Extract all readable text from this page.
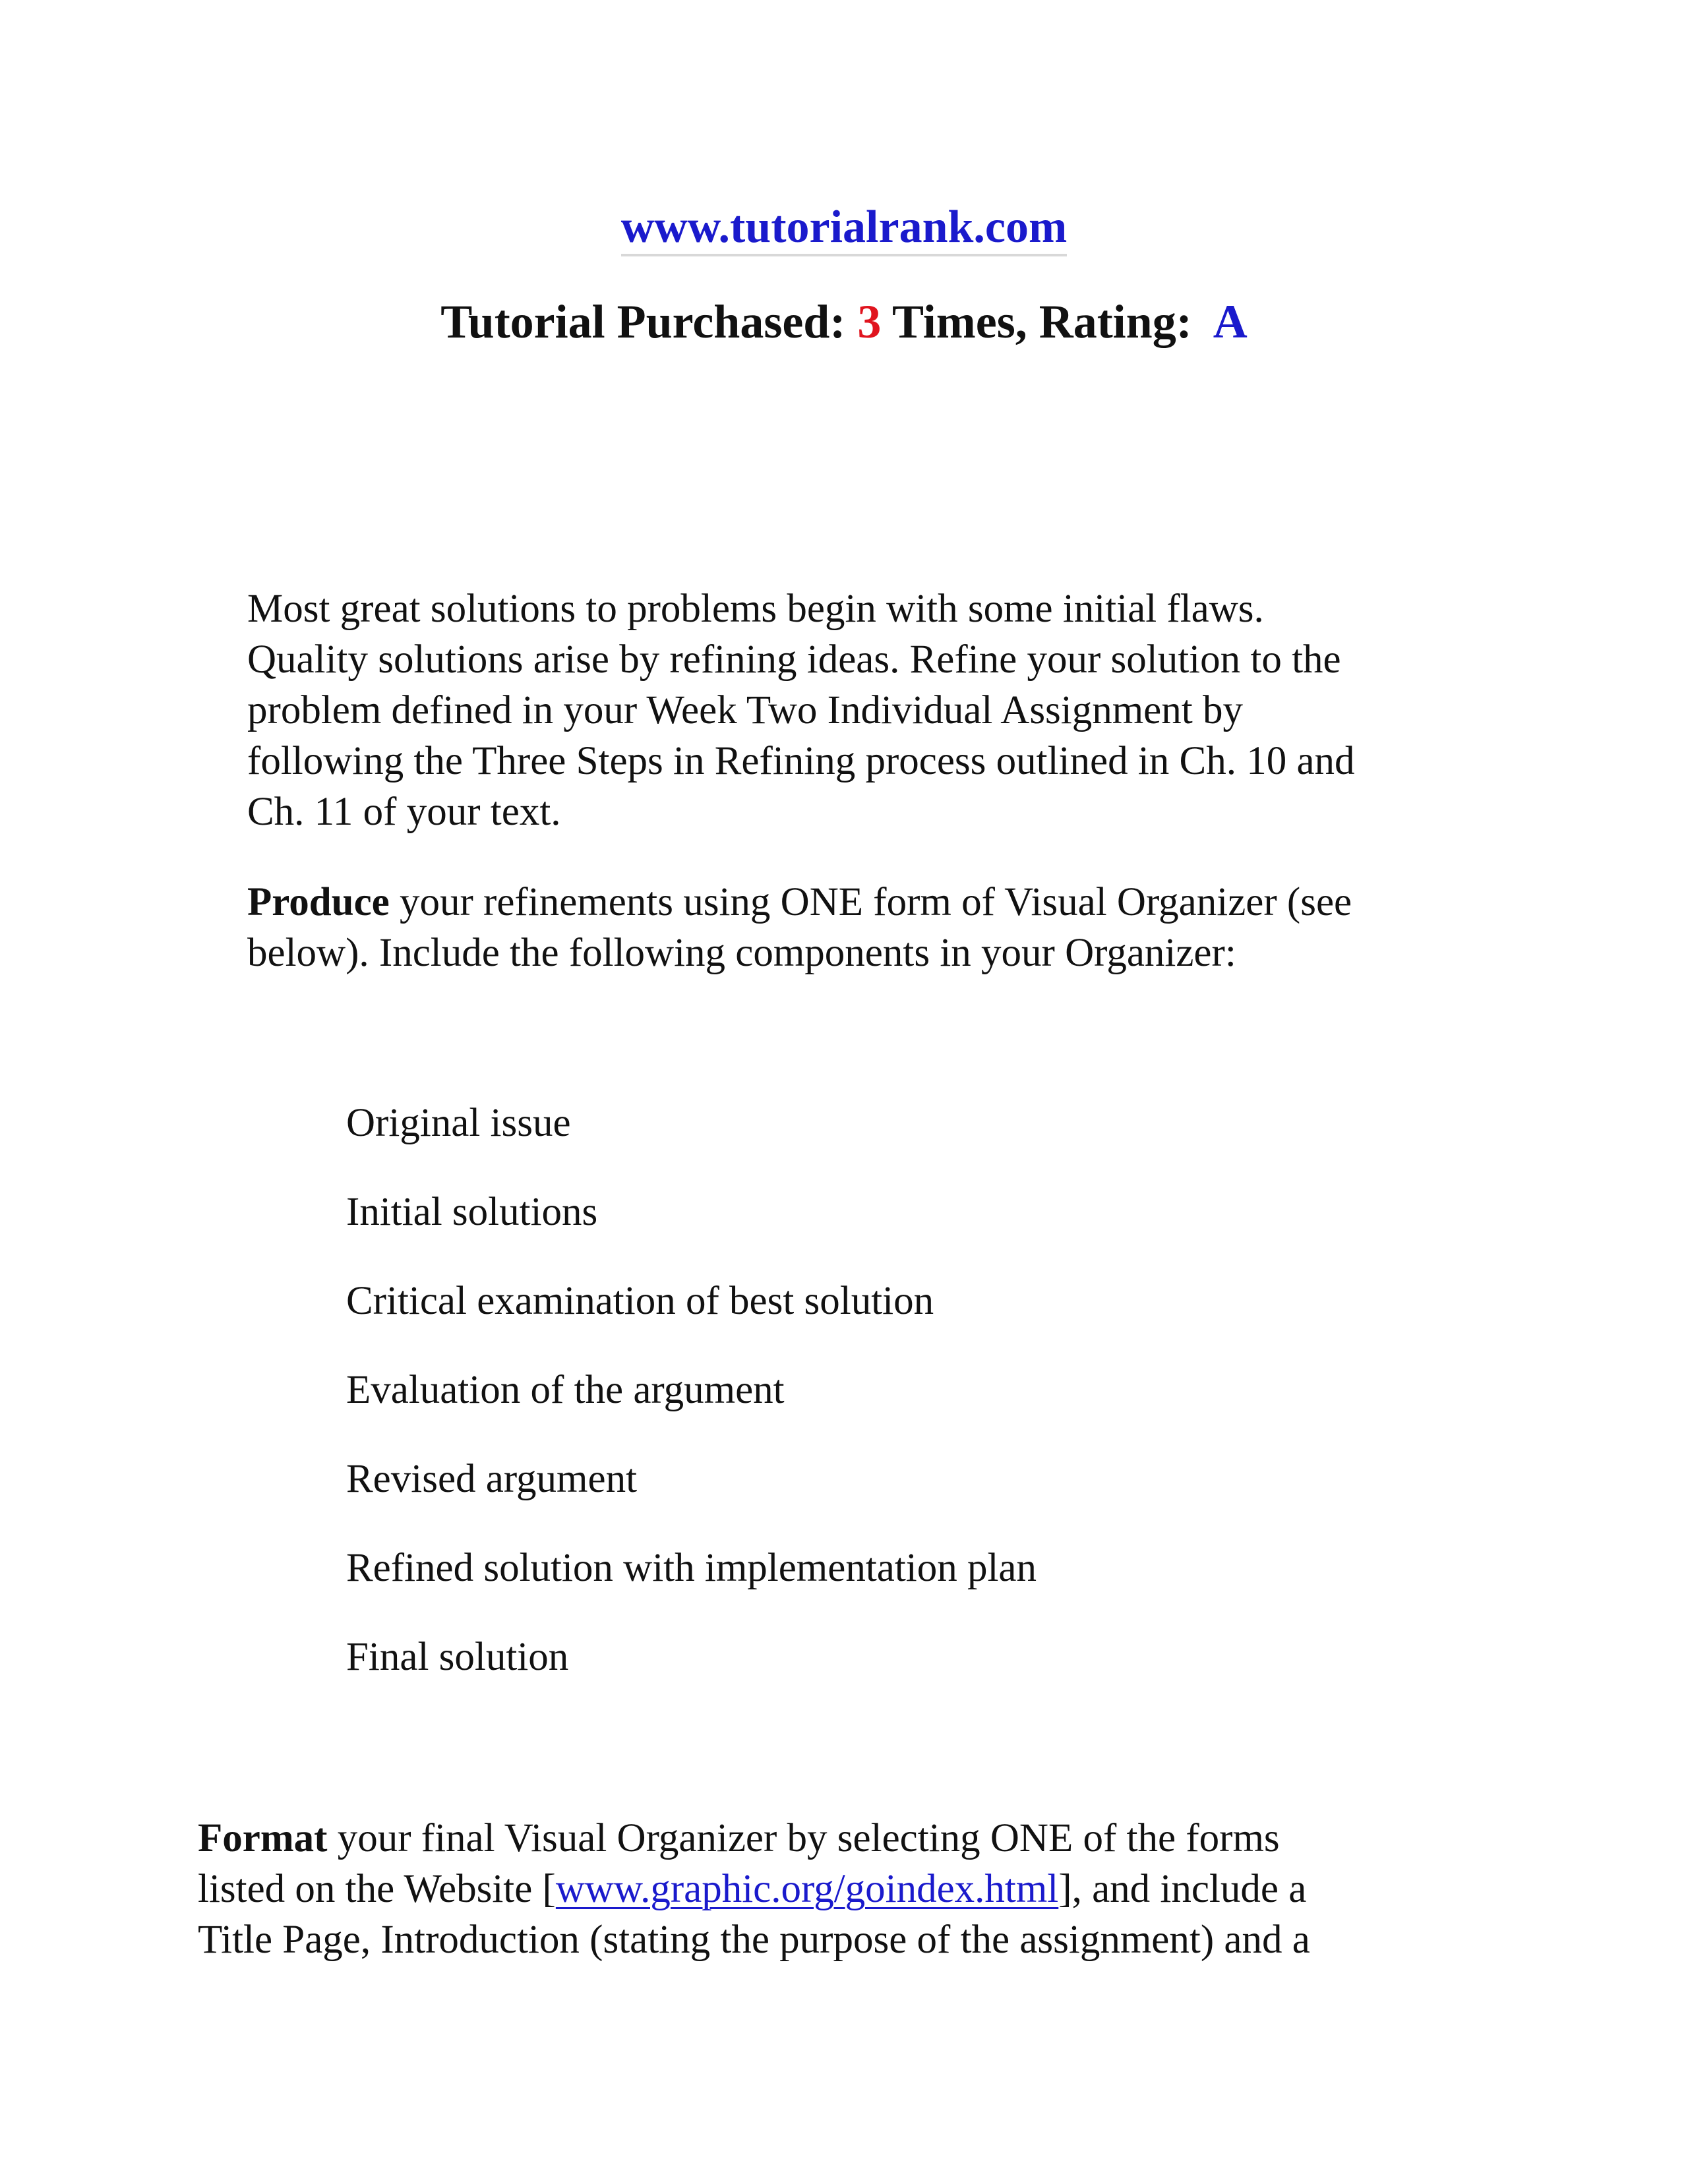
www.tutorialrank.com
Tutorial Purchased: 3 Times, Rating:  A

Most great solutions to problems begin with some initial flaws.
Quality solutions arise by refining ideas. Refine your solution to the
problem defined in your Week Two Individual Assignment by
following the Three Steps in Refining process outlined in Ch. 10 and
Ch. 11 of your text.

Produce your refinements using ONE form of Visual Organizer (see
below). Include the following components in your Organizer:

Original issue
Initial solutions
Critical examination of best solution
Evaluation of the argument
Revised argument
Refined solution with implementation plan
Final solution

Format your final Visual Organizer by selecting ONE of the forms
listed on the Website [www.graphic.org/goindex.html], and include a
Title Page, Introduction (stating the purpose of the assignment) and a
